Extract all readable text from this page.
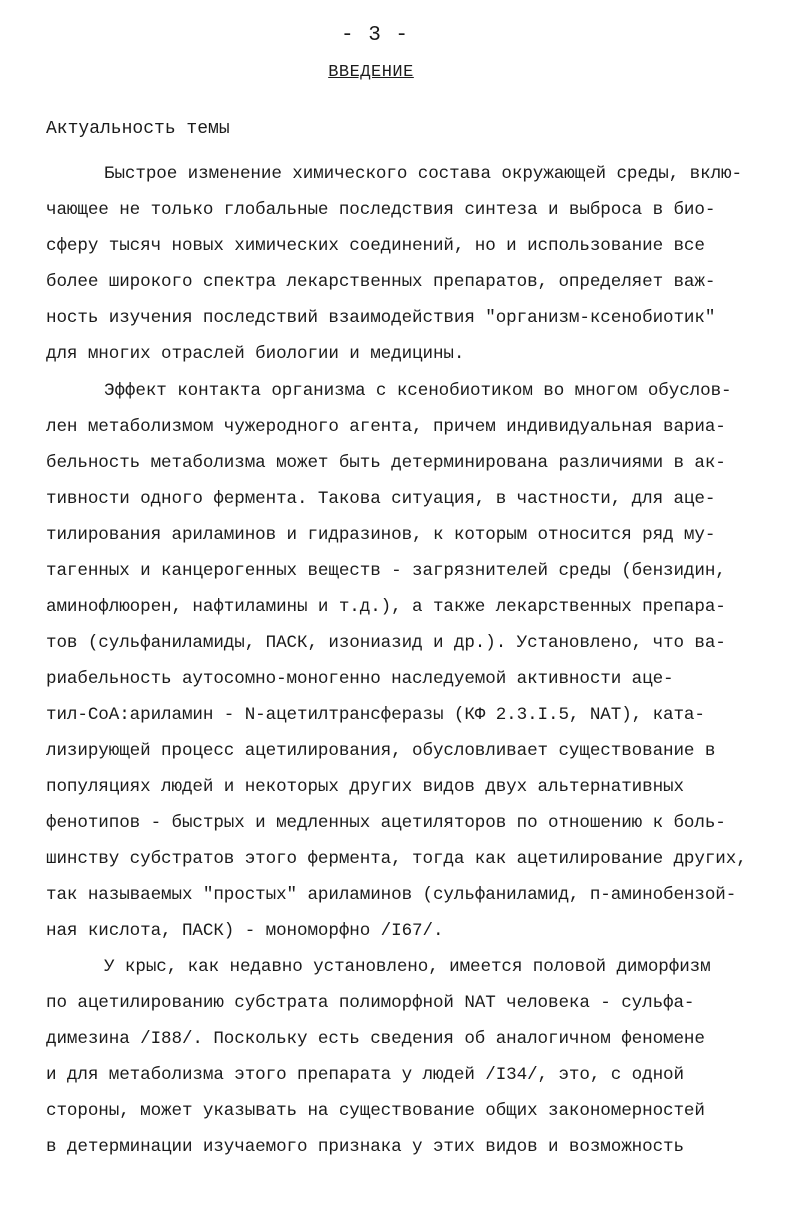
- 3 -
ВВЕДЕНИЕ
Актуальность темы
Быстрое изменение химического состава окружающей среды, вклю-
чающее не только глобальные последствия синтеза и выброса в био-
сферу тысяч новых химических соединений, но и использование все
более широкого спектра лекарственных препаратов, определяет важ-
ность изучения последствий взаимодействия "организм-ксенобиотик"
для многих отраслей биологии и медицины.
Эффект контакта организма с ксенобиотиком во многом обуслов-
лен метаболизмом чужеродного агента, причем индивидуальная вариа-
бельность метаболизма может быть детерминирована различиями в ак-
тивности одного фермента. Такова ситуация, в частности, для аце-
тилирования ариламинов и гидразинов, к которым относится ряд му-
тагенных и канцерогенных веществ - загрязнителей среды (бензидин,
аминофлюорен, нафтиламины и т.д.), а также лекарственных препара-
тов (сульфаниламиды, ПАСК, изониазид и др.). Установлено, что ва-
риабельность аутосомно-моногенно наследуемой активности аце-
тил-СоА:ариламин - N-ацетилтрансферазы (КФ 2.3.I.5, NAT), ката-
лизирующей процесс ацетилирования, обусловливает существование в
популяциях людей и некоторых других видов двух альтернативных
фенотипов - быстрых и медленных ацетиляторов по отношению к боль-
шинству субстратов этого фермента, тогда как ацетилирование других,
так называемых "простых" ариламинов (сульфаниламид, п-аминобензой-
ная кислота, ПАСК) - мономорфно /I67/.
У крыс, как недавно установлено, имеется половой диморфизм
по ацетилированию субстрата полиморфной NAT человека - сульфа-
димезина /I88/. Поскольку есть сведения об аналогичном феномене
и для метаболизма этого препарата у людей /I34/, это, с одной
стороны, может указывать на существование общих закономерностей
в детерминации изучаемого признака у этих видов и возможность
